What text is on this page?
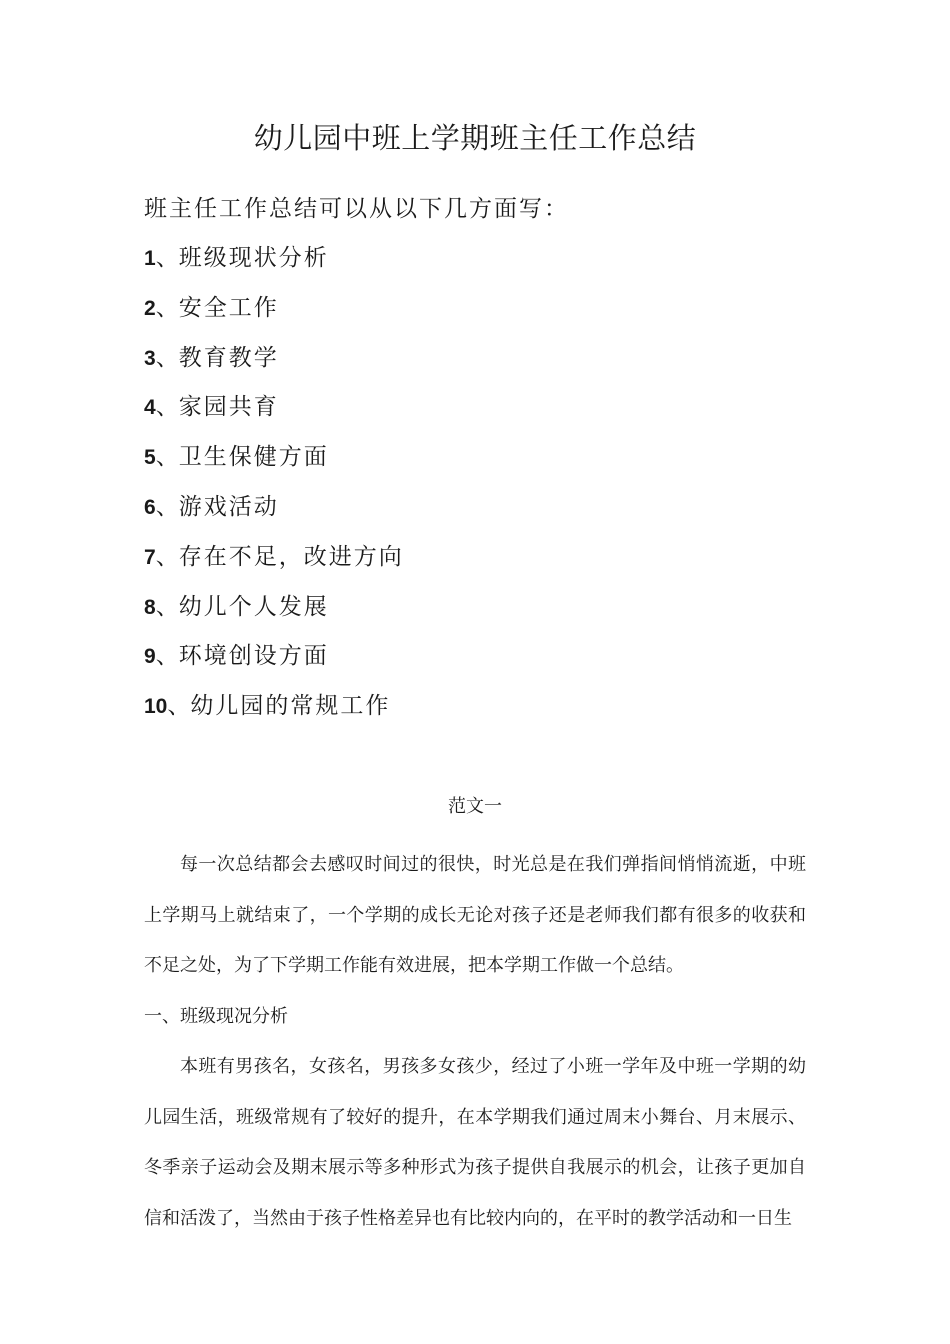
幼儿园中班上学期班主任工作总结
班主任工作总结可以从以下几方面写：
1、班级现状分析
2、安全工作
3、教育教学
4、家园共育
5、卫生保健方面
6、游戏活动
7、存在不足，改进方向
8、幼儿个人发展
9、环境创设方面
10、幼儿园的常规工作
范文一

每一次总结都会去感叹时间过的很快，时光总是在我们弹指间悄悄流逝，中班上学期马上就结束了，一个学期的成长无论对孩子还是老师我们都有很多的收获和不足之处，为了下学期工作能有效进展，把本学期工作做一个总结。

一、班级现况分析

本班有男孩名，女孩名，男孩多女孩少，经过了小班一学年及中班一学期的幼儿园生活，班级常规有了较好的提升，在本学期我们通过周末小舞台、月末展示、冬季亲子运动会及期末展示等多种形式为孩子提供自我展示的机会，让孩子更加自信和活泼了，当然由于孩子性格差异也有比较内向的，在平时的教学活动和一日生
